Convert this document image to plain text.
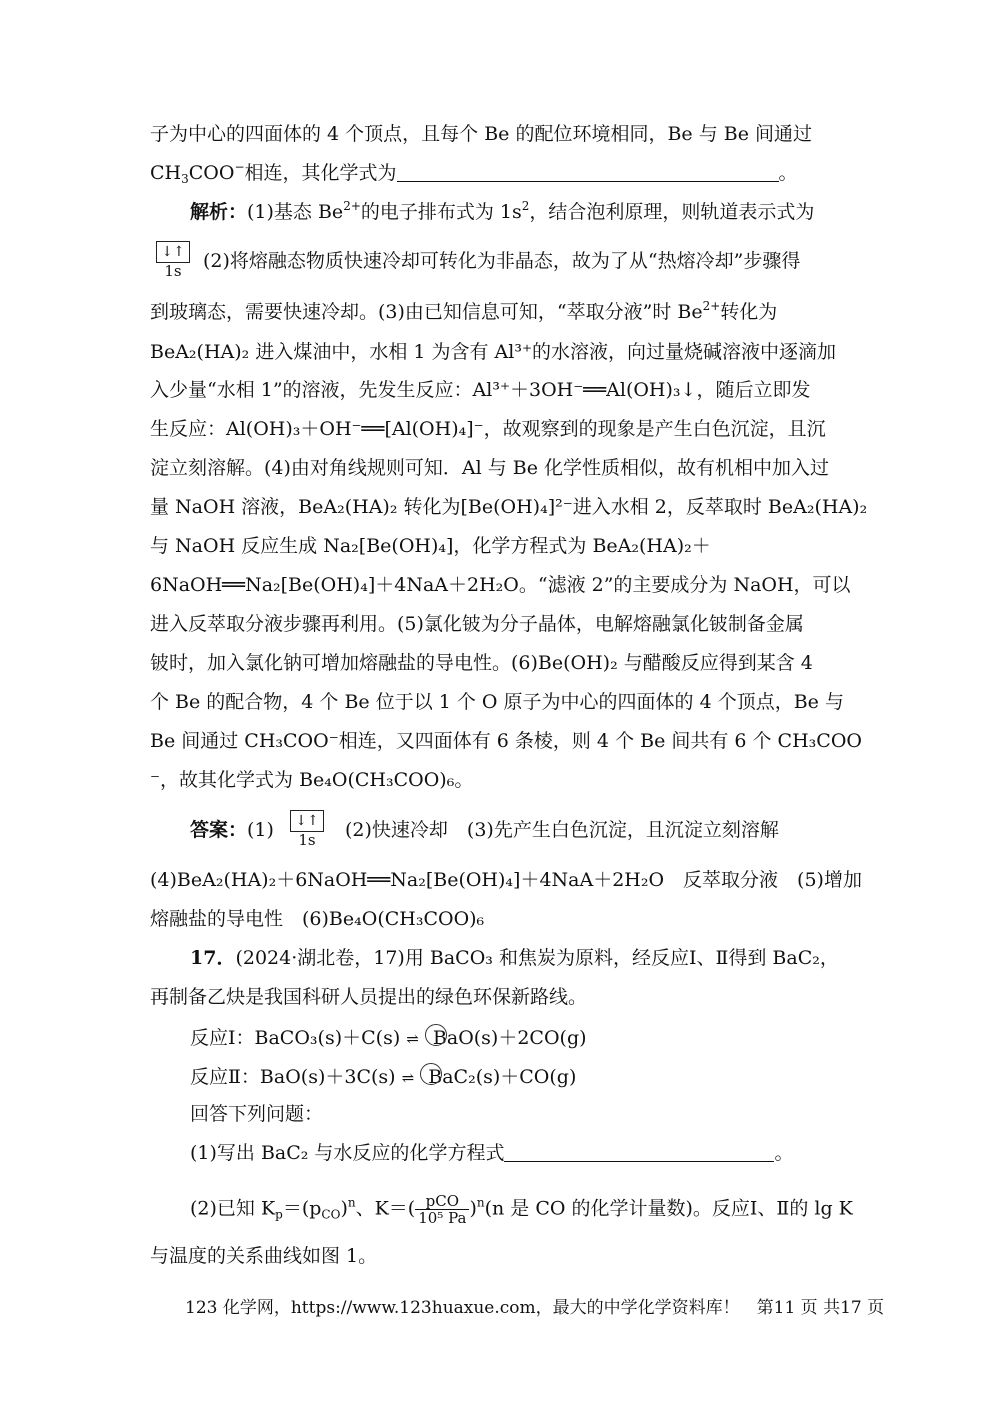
子为中心的四面体的 4 个顶点，且每个 Be 的配位环境相同，Be 与 Be 间通过
$CH_3COO^-$相连，其化学式为	。
解析：(1)基态 $Be^{2+}$的电子排布式为 $1s^2$，结合泡利原理，则轨道表示式为
↓↑
1s	(2)将熔融态物质快速冷却可转化为非晶态，故为了从“热熔冷却”步骤得
到玻璃态，需要快速冷却。(3)由已知信息可知，“萃取分液”时 $Be^{2+}$转化为
BeA₂(HA)₂ 进入煤油中，水相 1 为含有 Al³⁺的水溶液，向过量烧碱溶液中逐滴加
入少量“水相 1”的溶液，先发生反应：Al³⁺＋3OH⁻══Al(OH)₃↓，随后立即发
生反应：Al(OH)₃＋OH⁻══[Al(OH)₄]⁻，故观察到的现象是产生白色沉淀，且沉
淀立刻溶解。(4)由对角线规则可知．Al 与 Be 化学性质相似，故有机相中加入过
量 NaOH 溶液，BeA₂(HA)₂ 转化为[Be(OH)₄]²⁻进入水相 2，反萃取时 BeA₂(HA)₂
与 NaOH 反应生成 Na₂[Be(OH)₄]，化学方程式为 BeA₂(HA)₂＋
6NaOH══Na₂[Be(OH)₄]＋4NaA＋2H₂O。“滤液 2”的主要成分为 NaOH，可以
进入反萃取分液步骤再利用。(5)氯化铍为分子晶体，电解熔融氯化铍制备金属
铍时，加入氯化钠可增加熔融盐的导电性。(6)Be(OH)₂ 与醋酸反应得到某含 4
个 Be 的配合物，4 个 Be 位于以 1 个 O 原子为中心的四面体的 4 个顶点，Be 与
Be 间通过 CH₃COO⁻相连，又四面体有 6 条棱，则 4 个 Be 间共有 6 个 CH₃COO
⁻，故其化学式为 Be₄O(CH₃COO)₆。
答案：(1)	↓↑
1s	(2)快速冷却　(3)先产生白色沉淀，且沉淀立刻溶解
(4)BeA₂(HA)₂＋6NaOH══Na₂[Be(OH)₄]＋4NaA＋2H₂O　反萃取分液　(5)增加
熔融盐的导电性　(6)Be₄O(CH₃COO)₆
17．(2024·湖北卷，17)用 BaCO₃ 和焦炭为原料，经反应Ⅰ、Ⅱ得到 BaC₂，
再制备乙炔是我国科研人员提出的绿色环保新路线。
反应Ⅰ：BaCO₃(s)＋C(s) ⇌ BaO(s)＋2CO(g)
反应Ⅱ：BaO(s)＋3C(s) ⇌ BaC₂(s)＋CO(g)
回答下列问题：
(1)写出 BaC₂ 与水反应的化学方程式	。
(2)已知 $K_p=(p_{CO})^n$、$K=( \frac{\text{pCO}}{\text{10⁵ Pa}} )^n(n$ 是 CO 的化学计量数)。反应Ⅰ、Ⅱ的 lg K
与温度的关系曲线如图 1。
123 化学网，https://www.123huaxue.com，最大的中学化学资料库！　第11 页 共17 页
